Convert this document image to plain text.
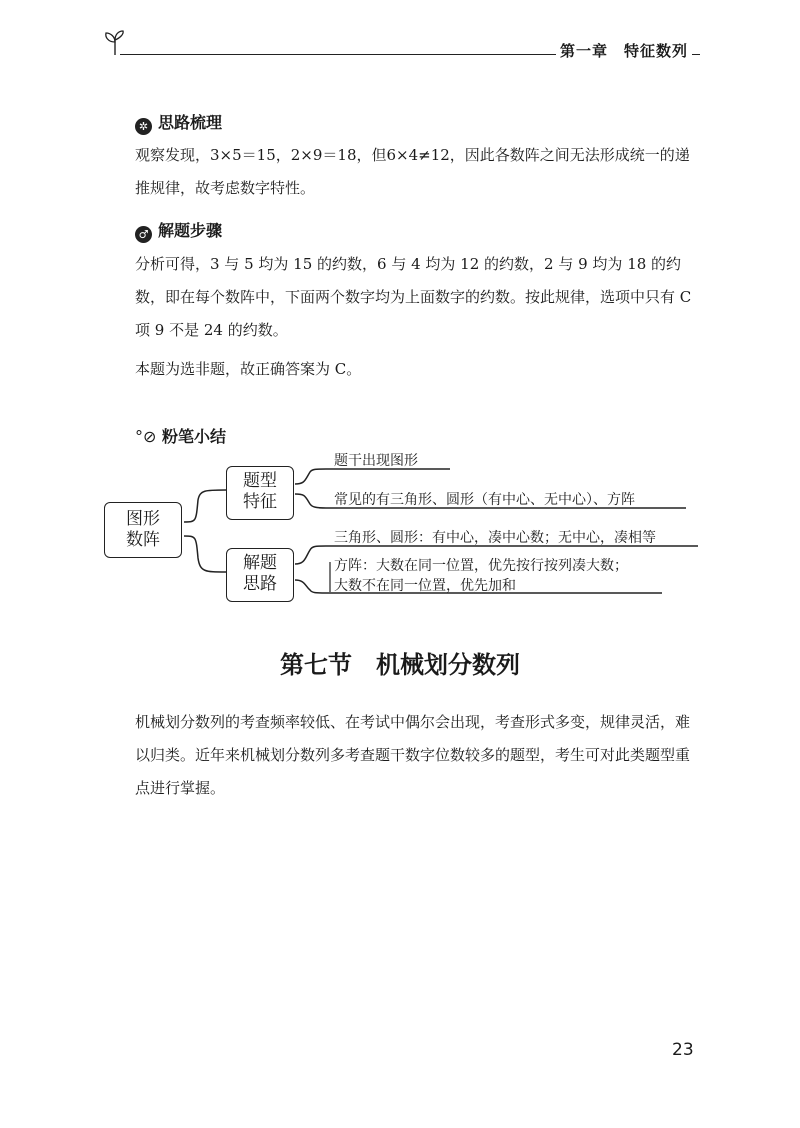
第一章　特征数列
✲ 思路梳理

观察发现，3×5＝15，2×9＝18，但6×4≠12，因此各数阵之间无法形成统一的递推规律，故考虑数字特性。

♂ 解题步骤

分析可得，3 与 5 均为 15 的约数，6 与 4 均为 12 的约数，2 与 9 均为 18 的约数，即在每个数阵中，下面两个数字均为上面数字的约数。按此规律，选项中只有 C 项 9 不是 24 的约数。

本题为选非题，故正确答案为 C。

°⊘ 粉笔小结
图形
数阵
题型
特征
解题
思路
题干出现图形
常见的有三角形、圆形（有中心、无中心）、方阵
三角形、圆形：有中心，凑中心数；无中心，凑相等
方阵：大数在同一位置，优先按行按列凑大数；
大数不在同一位置，优先加和
第七节　机械划分数列

机械划分数列的考查频率较低、在考试中偶尔会出现，考查形式多变，规律灵活，难以归类。近年来机械划分数列多考查题干数字位数较多的题型，考生可对此类题型重点进行掌握。

23
